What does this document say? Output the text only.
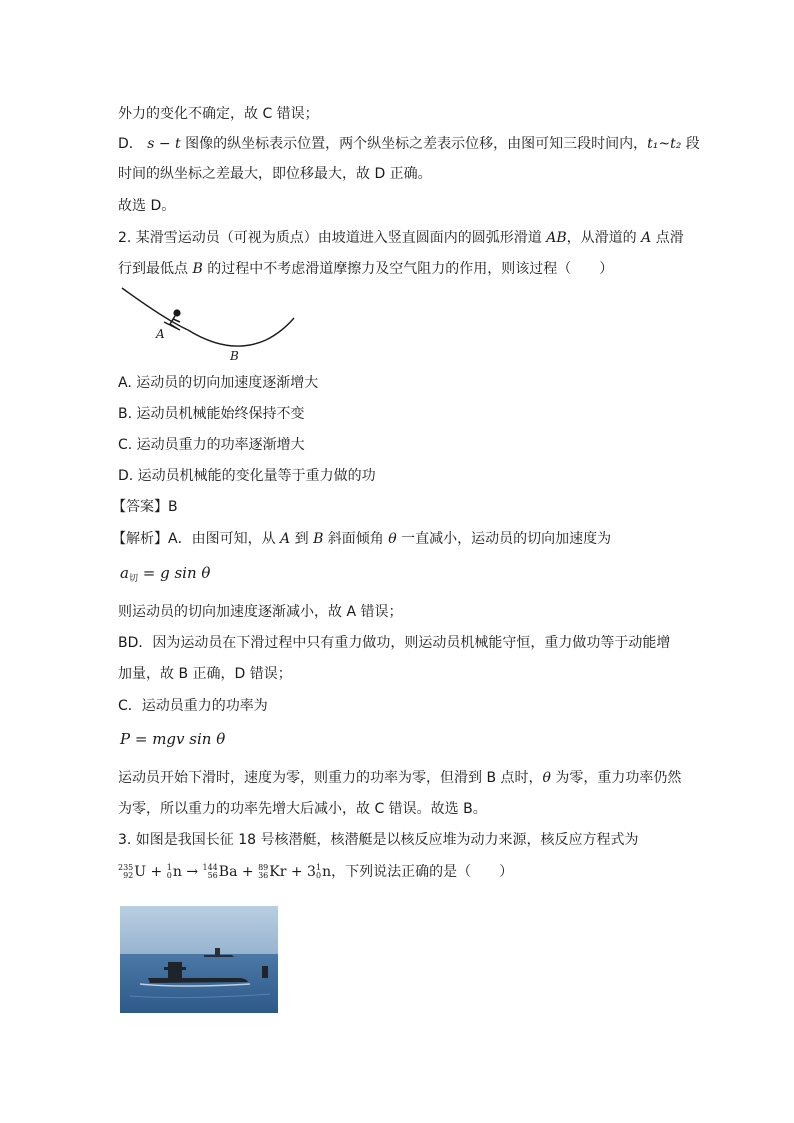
外力的变化不确定，故 C 错误；
D． s − t 图像的纵坐标表示位置，两个纵坐标之差表示位移，由图可知三段时间内，t₁~t₂ 段
时间的纵坐标之差最大，即位移最大，故 D 正确。
故选 D。
2. 某滑雪运动员（可视为质点）由坡道进入竖直圆面内的圆弧形滑道 AB，从滑道的 A 点滑
行到最低点 B 的过程中不考虑滑道摩擦力及空气阻力的作用，则该过程（　　）
A
B
A. 运动员的切向加速度逐渐增大
B. 运动员机械能始终保持不变
C. 运动员重力的功率逐渐增大
D. 运动员机械能的变化量等于重力做的功
【答案】B
【解析】A．由图可知，从 A 到 B 斜面倾角 θ 一直减小，运动员的切向加速度为
$a_切 = g$ sin θ
则运动员的切向加速度逐渐减小，故 A 错误；
BD．因为运动员在下滑过程中只有重力做功，则运动员机械能守恒，重力做功等于动能增
加量，故 B 正确，D 错误；
C．运动员重力的功率为
P = mgv sin θ
运动员开始下滑时，速度为零，则重力的功率为零，但滑到 B 点时，θ 为零，重力功率仍然
为零，所以重力的功率先增大后减小，故 C 错误。故选 B。
3. 如图是我国长征 18 号核潜艇，核潜艇是以核反应堆为动力来源，核反应方程式为
235
92 U + 1
0 n → 144
56 Ba + 89
36 Kr + 3 1
0 n，下列说法正确的是（　　）
